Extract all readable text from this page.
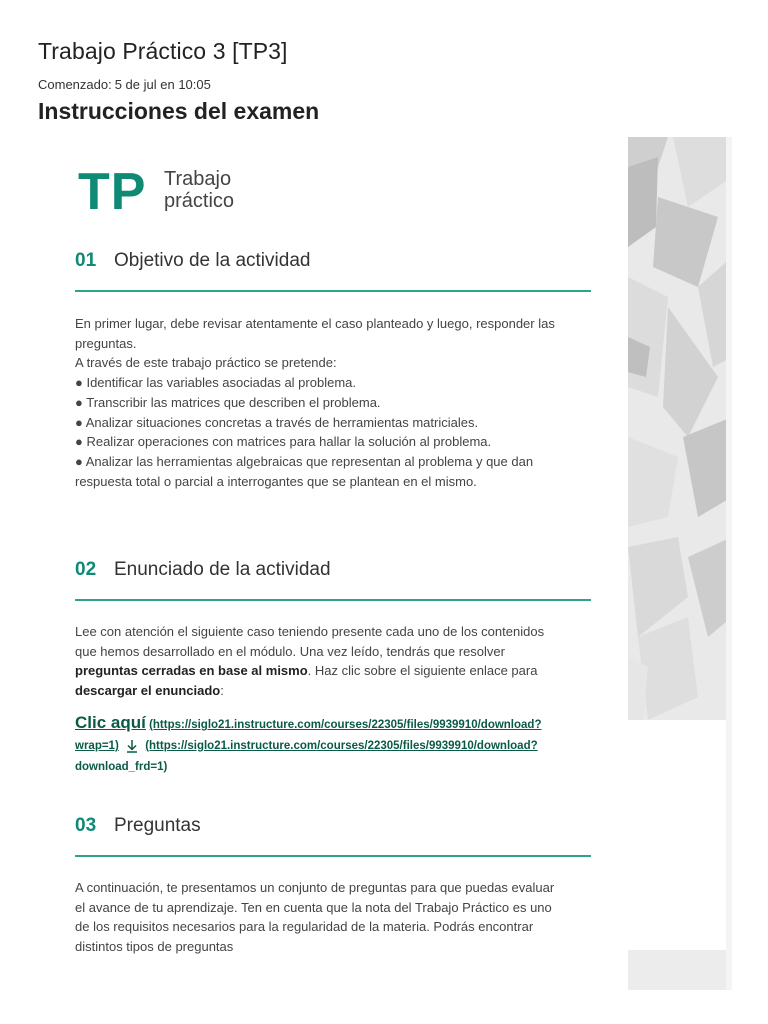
Trabajo Práctico 3 [TP3]
Comenzado: 5 de jul en 10:05
Instrucciones del examen
TP Trabajo
práctico
01 Objetivo de la actividad
En primer lugar, debe revisar atentamente el caso planteado y luego, responder las
preguntas.
A través de este trabajo práctico se pretende:
● Identificar las variables asociadas al problema.
● Transcribir las matrices que describen el problema.
● Analizar situaciones concretas a través de herramientas matriciales.
● Realizar operaciones con matrices para hallar la solución al problema.
● Analizar las herramientas algebraicas que representan al problema y que dan
respuesta total o parcial a interrogantes que se plantean en el mismo.
02 Enunciado de la actividad
Lee con atención el siguiente caso teniendo presente cada uno de los contenidos
que hemos desarrollado en el módulo. Una vez leído, tendrás que resolver
preguntas cerradas en base al mismo. Haz clic sobre el siguiente enlace para
descargar el enunciado:
Clic aquí (https://siglo21.instructure.com/courses/22305/files/9939910/download?
wrap=1) (https://siglo21.instructure.com/courses/22305/files/9939910/download?
download_frd=1)
03 Preguntas
A continuación, te presentamos un conjunto de preguntas para que puedas evaluar
el avance de tu aprendizaje. Ten en cuenta que la nota del Trabajo Práctico es uno
de los requisitos necesarios para la regularidad de la materia. Podrás encontrar
distintos tipos de preguntas
